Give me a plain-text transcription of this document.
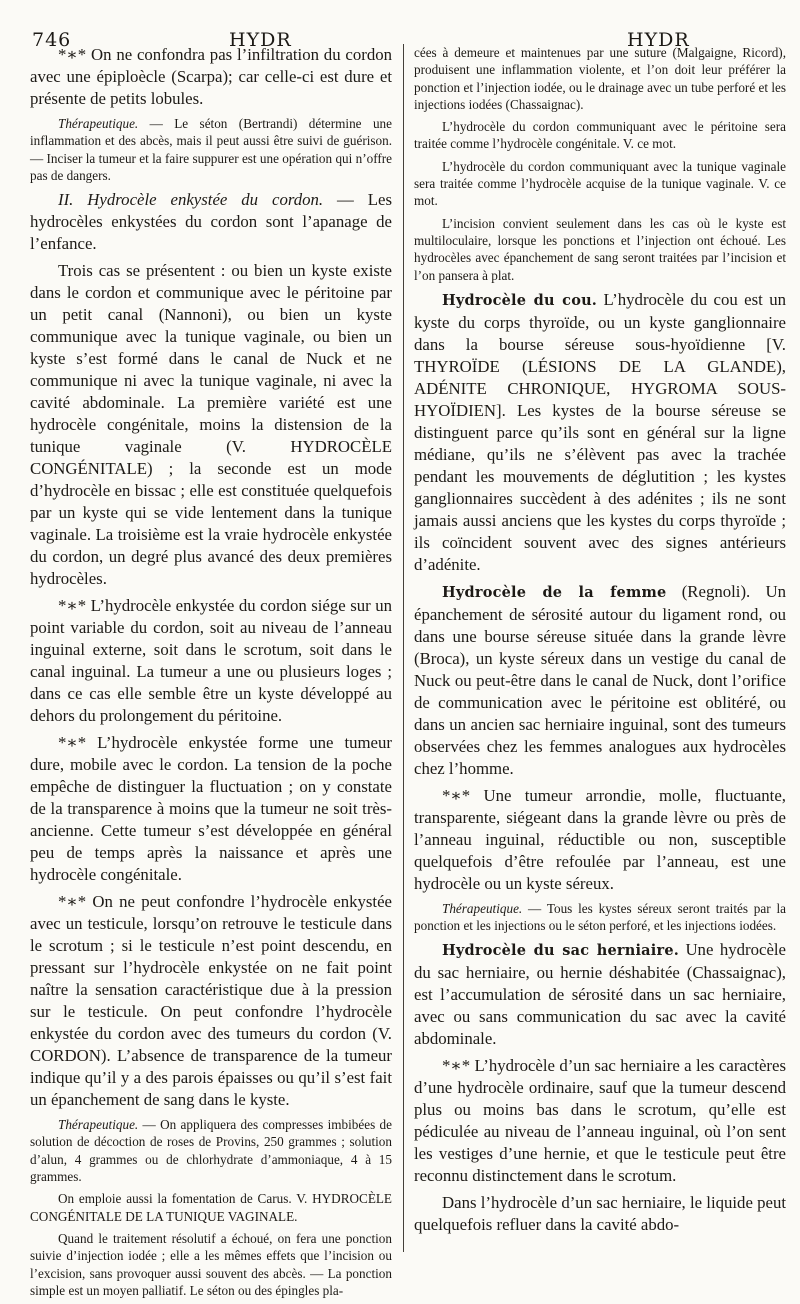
746	HYDR	HYDR

*∗* On ne confondra pas l’infiltration du cordon avec une épiploècle (Scarpa); car celle-ci est dure et présente de petits lobules.

Thérapeutique. — Le séton (Bertrandi) détermine une inflammation et des abcès, mais il peut aussi être suivi de guérison.— Inciser la tumeur et la faire suppurer est une opération qui n’offre pas de dangers.

II. Hydrocèle enkystée du cordon. — Les hydrocèles enkystées du cordon sont l’apanage de l’enfance.

Trois cas se présentent : ou bien un kyste existe dans le cordon et communique avec le péritoine par un petit canal (Nannoni), ou bien un kyste communique avec la tunique vaginale, ou bien un kyste s’est formé dans le canal de Nuck et ne communique ni avec la tunique vaginale, ni avec la cavité abdominale. La première variété est une hydrocèle congénitale, moins la distension de la tunique vaginale (V. HYDROCÈLE CONGÉNITALE) ; la seconde est un mode d’hydrocèle en bissac ; elle est constituée quelquefois par un kyste qui se vide lentement dans la tunique vaginale. La troisième est la vraie hydrocèle enkystée du cordon, un degré plus avancé des deux premières hydrocèles.

*∗* L’hydrocèle enkystée du cordon siége sur un point variable du cordon, soit au niveau de l’anneau inguinal externe, soit dans le scrotum, soit dans le canal inguinal. La tumeur a une ou plusieurs loges ; dans ce cas elle semble être un kyste développé au dehors du prolongement du péritoine.

*∗* L’hydrocèle enkystée forme une tumeur dure, mobile avec le cordon. La tension de la poche empêche de distinguer la fluctuation ; on y constate de la transparence à moins que la tumeur ne soit très-ancienne. Cette tumeur s’est développée en général peu de temps après la naissance et après une hydrocèle congénitale.

*∗* On ne peut confondre l’hydrocèle enkystée avec un testicule, lorsqu’on retrouve le testicule dans le scrotum ; si le testicule n’est point descendu, en pressant sur l’hydrocèle enkystée on ne fait point naître la sensation caractéristique due à la pression sur le testicule. On peut confondre l’hydrocèle enkystée du cordon avec des tumeurs du cordon (V. CORDON). L’absence de transparence de la tumeur indique qu’il y a des parois épaisses ou qu’il s’est fait un épanchement de sang dans le kyste.

Thérapeutique. — On appliquera des compresses imbibées de solution de décoction de roses de Provins, 250 grammes ; solution d’alun, 4 grammes ou de chlorhydrate d’ammoniaque, 4 à 15 grammes.

On emploie aussi la fomentation de Carus. V. HYDROCÈLE CONGÉNITALE DE LA TUNIQUE VAGINALE.

Quand le traitement résolutif a échoué, on fera une ponction suivie d’injection iodée ; elle a les mêmes effets que l’incision ou l’excision, sans provoquer aussi souvent des abcès. — La ponction simple est un moyen palliatif. Le séton ou des épingles pla-

cées à demeure et maintenues par une suture (Malgaigne, Ricord), produisent une inflammation violente, et l’on doit leur préférer la ponction et l’injection iodée, ou le drainage avec un tube perforé et les injections iodées (Chassaignac).

L’hydrocèle du cordon communiquant avec le péritoine sera traitée comme l’hydrocèle congénitale. V. ce mot.

L’hydrocèle du cordon communiquant avec la tunique vaginale sera traitée comme l’hydrocèle acquise de la tunique vaginale. V. ce mot.

L’incision convient seulement dans les cas où le kyste est multiloculaire, lorsque les ponctions et l’injection ont échoué. Les hydrocèles avec épanchement de sang seront traitées par l’incision et l’on pansera à plat.

Hydrocèle du cou. L’hydrocèle du cou est un kyste du corps thyroïde, ou un kyste ganglionnaire dans la bourse séreuse sous-hyoïdienne [V. THYROÏDE (LÉSIONS DE LA GLANDE), ADÉNITE CHRONIQUE, HYGROMA SOUS-HYOÏDIEN]. Les kystes de la bourse séreuse se distinguent parce qu’ils sont en général sur la ligne médiane, qu’ils ne s’élèvent pas avec la trachée pendant les mouvements de déglutition ; les kystes ganglionnaires succèdent à des adénites ; ils ne sont jamais aussi anciens que les kystes du corps thyroïde ; ils coïncident souvent avec des signes antérieurs d’adénite.

Hydrocèle de la femme (Regnoli). Un épanchement de sérosité autour du ligament rond, ou dans une bourse séreuse située dans la grande lèvre (Broca), un kyste séreux dans un vestige du canal de Nuck ou peut-être dans le canal de Nuck, dont l’orifice de communication avec le péritoine est oblitéré, ou dans un ancien sac herniaire inguinal, sont des tumeurs observées chez les femmes analogues aux hydrocèles chez l’homme.

*∗* Une tumeur arrondie, molle, fluctuante, transparente, siégeant dans la grande lèvre ou près de l’anneau inguinal, réductible ou non, susceptible quelquefois d’être refoulée par l’anneau, est une hydrocèle ou un kyste séreux.

Thérapeutique. — Tous les kystes séreux seront traités par la ponction et les injections ou le séton perforé, et les injections iodées.

Hydrocèle du sac herniaire. Une hydrocèle du sac herniaire, ou hernie déshabitée (Chassaignac), est l’accumulation de sérosité dans un sac herniaire, avec ou sans communication du sac avec la cavité abdominale.

*∗* L’hydrocèle d’un sac herniaire a les caractères d’une hydrocèle ordinaire, sauf que la tumeur descend plus ou moins bas dans le scrotum, qu’elle est pédiculée au niveau de l’anneau inguinal, où l’on sent les vestiges d’une hernie, et que le testicule peut être reconnu distinctement dans le scrotum.

Dans l’hydrocèle d’un sac herniaire, le liquide peut quelquefois refluer dans la cavité abdo-
